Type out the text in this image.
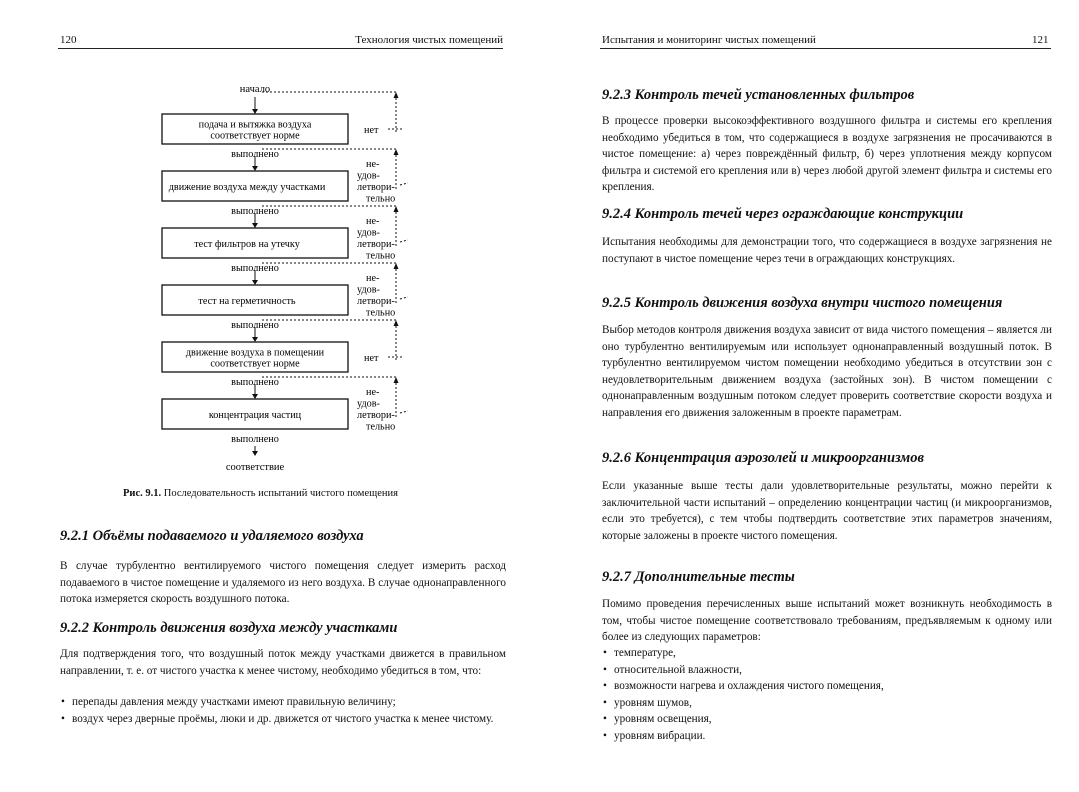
120	Технология чистых помещений
начало
подача и вытяжка воздуха
соответствует норме	нет
выполнено
движение воздуха между участками
не-
удов-
летвори-
тельно
выполнено
тест фильтров на утечку
не-
удов-
летвори-
тельно
выполнено
тест на герметичность
не-
удов-
летвори-
тельно
выполнено
движение воздуха в помещении
соответствует норме	нет
выполнено
концентрация частиц
не-
удов-
летвори-
тельно
выполнено
соответствие
Рис. 9.1. Последовательность испытаний чистого помещения
9.2.1 Объёмы подаваемого и удаляемого воздуха

В случае турбулентно вентилируемого чистого помещения следует измерить расход подаваемого в чистое помещение и удаляемого из него воздуха. В случае однонаправленного потока измеряется скорость воздушного потока.

9.2.2 Контроль движения воздуха между участками

Для подтверждения того, что воздушный поток между участками движется в правильном направлении, т. е. от чистого участка к менее чистому, необходимо убедиться в том, что:

• перепады давления между участками имеют правильную величину;
• воздух через дверные проёмы, люки и др. движется от чистого участка к менее чистому.
Испытания и мониторинг чистых помещений	121
9.2.3 Контроль течей установленных фильтров

В процессе проверки высокоэффективного воздушного фильтра и системы его крепления необходимо убедиться в том, что содержащиеся в воздухе загрязнения не просачиваются в чистое помещение: а) через повреждённый фильтр, б) через уплотнения между корпусом фильтра и системой его крепления или в) через любой другой элемент фильтра и системы его крепления.

9.2.4 Контроль течей через ограждающие конструкции

Испытания необходимы для демонстрации того, что содержащиеся в воздухе загрязнения не поступают в чистое помещение через течи в ограждающих конструкциях.

9.2.5 Контроль движения воздуха внутри чистого помещения

Выбор методов контроля движения воздуха зависит от вида чистого помещения – является ли оно турбулентно вентилируемым или использует однонаправленный воздушный поток. В турбулентно вентилируемом чистом помещении необходимо убедиться в отсутствии зон с неудовлетворительным движением воздуха (застойных зон). В чистом помещении с однонаправленным воздушным потоком следует проверить соответствие скорости воздуха и направления его движения заложенным в проекте параметрам.

9.2.6 Концентрация аэрозолей и микроорганизмов

Если указанные выше тесты дали удовлетворительные результаты, можно перейти к заключительной части испытаний – определению концентрации частиц (и микроорганизмов, если это требуется), с тем чтобы подтвердить соответствие этих параметров значениям, которые заложены в проекте чистого помещения.

9.2.7 Дополнительные тесты

Помимо проведения перечисленных выше испытаний может возникнуть необходимость в том, чтобы чистое помещение соответствовало требованиям, предъявляемым к одному или более из следующих параметров:

• температуре,
• относительной влажности,
• возможности нагрева и охлаждения чистого помещения,
• уровням шумов,
• уровням освещения,
• уровням вибрации.
